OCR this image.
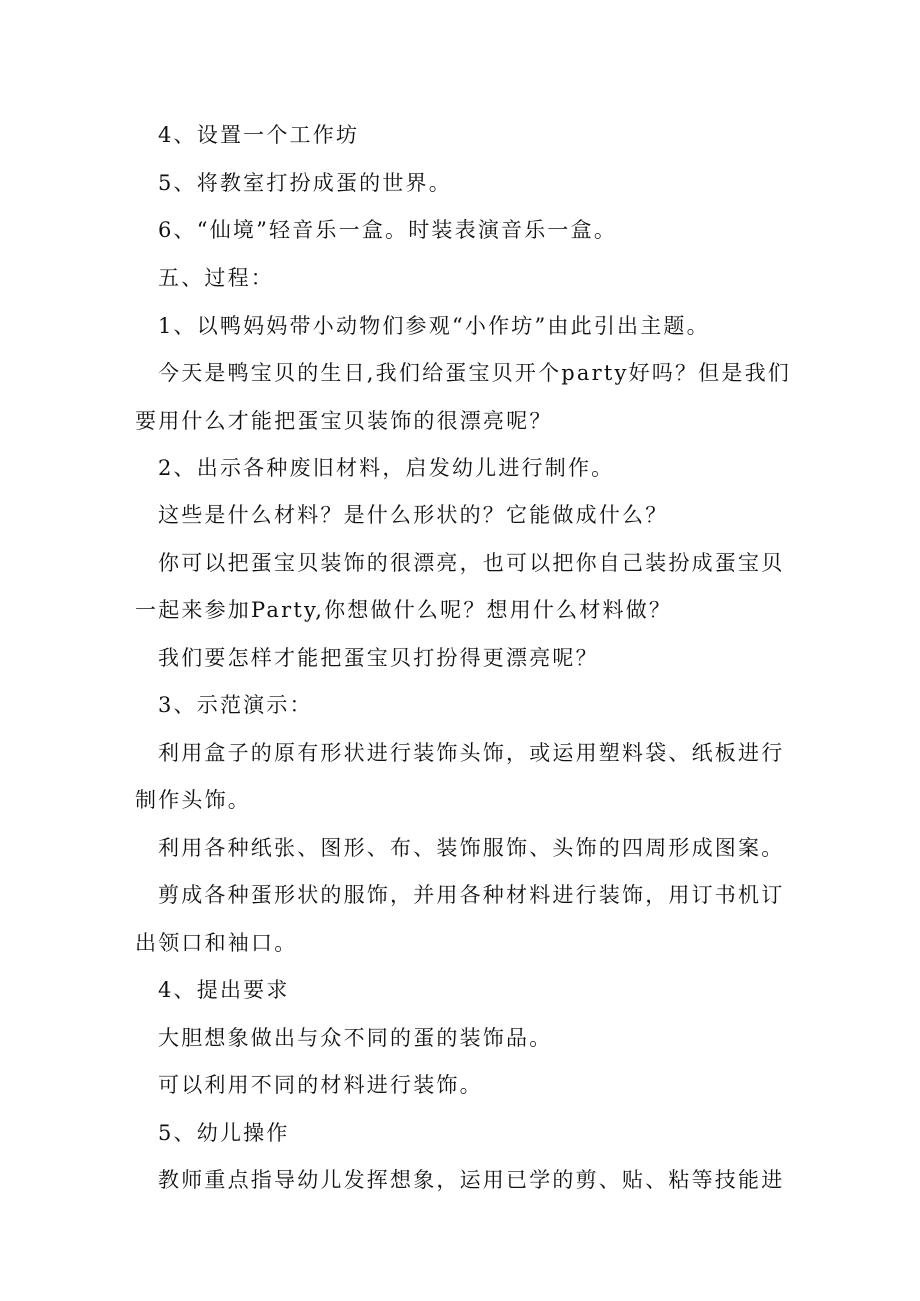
4、设置一个工作坊
5、将教室打扮成蛋的世界。
6、“仙境”轻音乐一盒。时装表演音乐一盒。
五、过程：
1、以鸭妈妈带小动物们参观“小作坊”由此引出主题。
今天是鸭宝贝的生日,我们给蛋宝贝开个party好吗？但是我们
要用什么才能把蛋宝贝装饰的很漂亮呢？
2、出示各种废旧材料，启发幼儿进行制作。
这些是什么材料？是什么形状的？它能做成什么？
你可以把蛋宝贝装饰的很漂亮，也可以把你自己装扮成蛋宝贝
一起来参加Party,你想做什么呢？想用什么材料做？
我们要怎样才能把蛋宝贝打扮得更漂亮呢？
3、示范演示：
利用盒子的原有形状进行装饰头饰，或运用塑料袋、纸板进行
制作头饰。
利用各种纸张、图形、布、装饰服饰、头饰的四周形成图案。
剪成各种蛋形状的服饰，并用各种材料进行装饰，用订书机订
出领口和袖口。
4、提出要求
大胆想象做出与众不同的蛋的装饰品。
可以利用不同的材料进行装饰。
5、幼儿操作
教师重点指导幼儿发挥想象，运用已学的剪、贴、粘等技能进
